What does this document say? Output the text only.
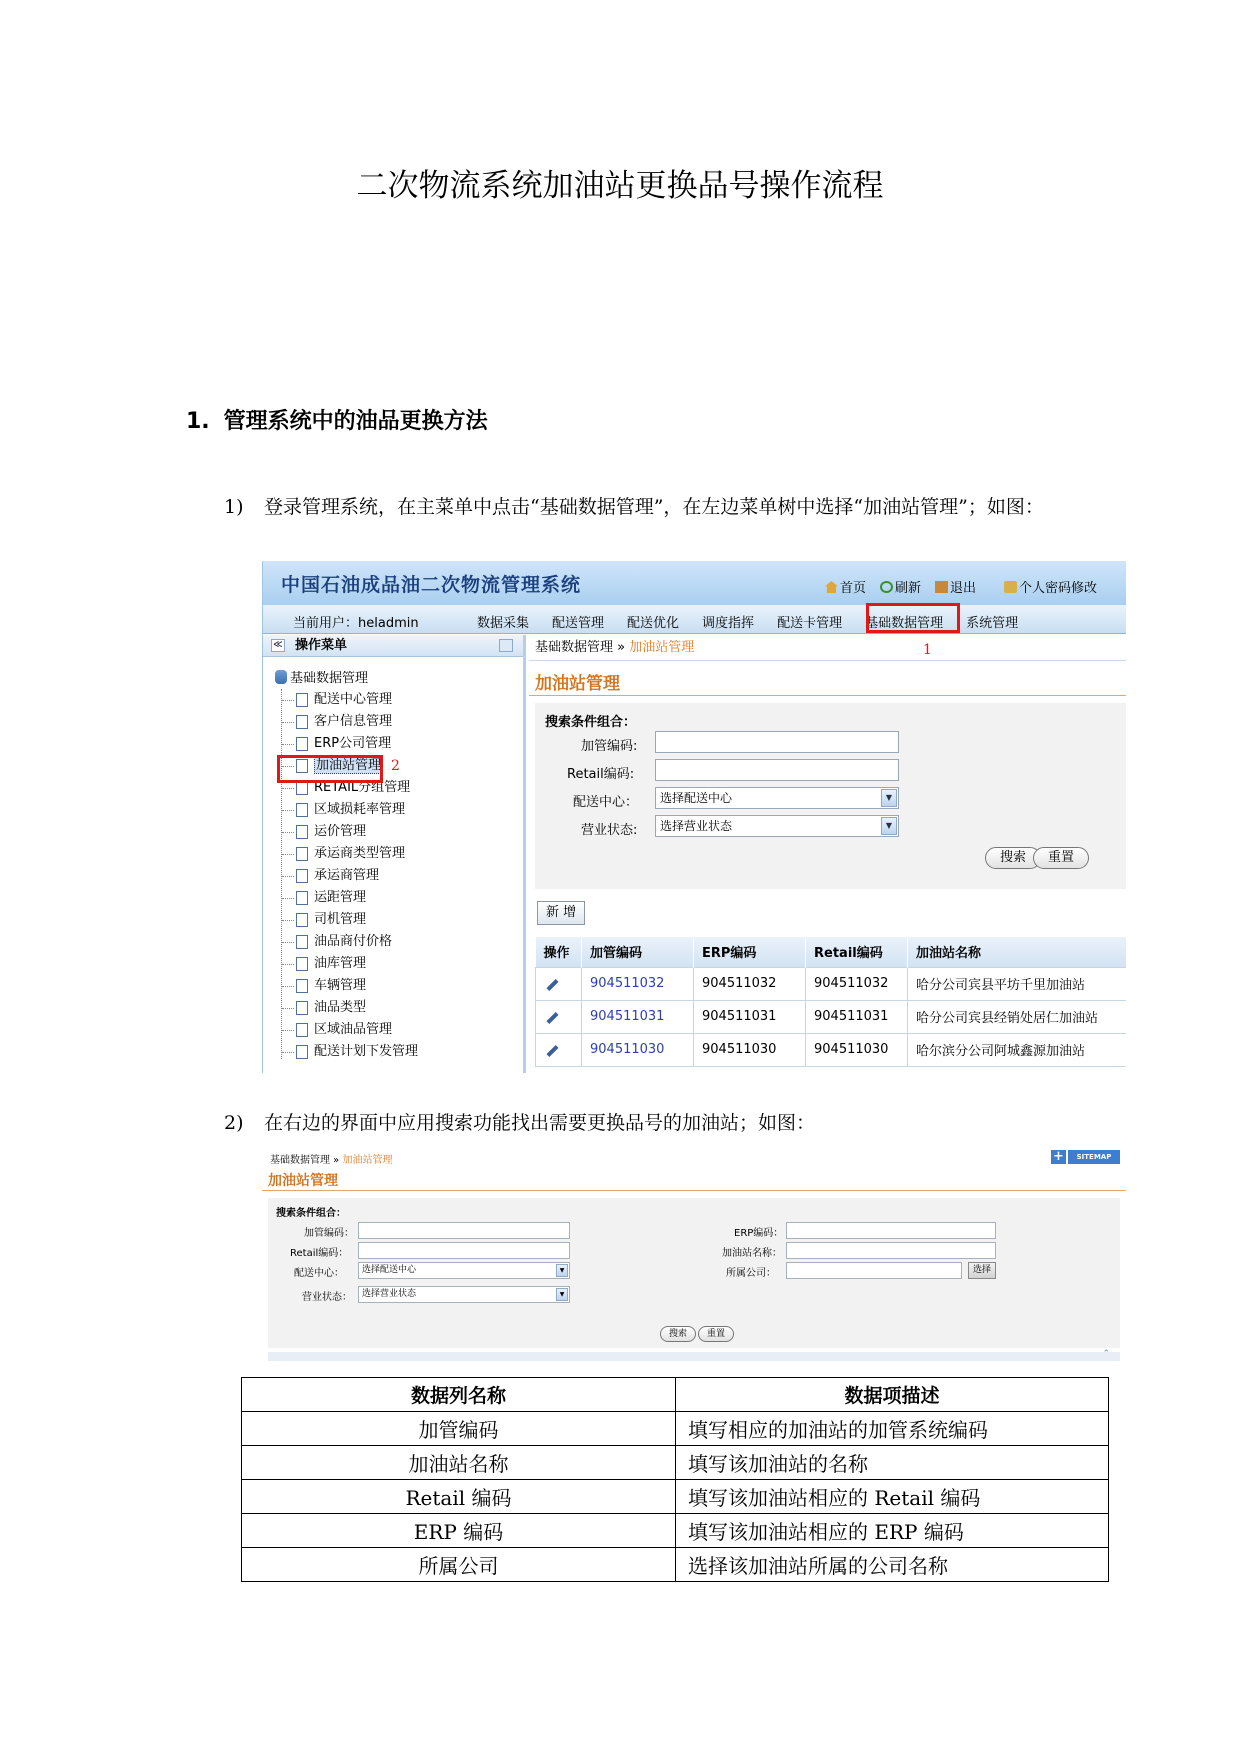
二次物流系统加油站更换品号操作流程
1. 管理系统中的油品更换方法
1) 登录管理系统，在主菜单中点击“基础数据管理”，在左边菜单树中选择“加油站管理”；如图：
中国石油成品油二次物流管理系统	首页	刷新	退出	个人密码修改
当前用户：heladmin	数据采集 配送管理 配送优化 调度指挥 配送卡管理 基础数据管理 系统管理
1
≪ 操作菜单
基础数据管理
配送中心管理
客户信息管理
ERP公司管理
加油站管理
RETAIL分组管理
区域损耗率管理
运价管理
承运商类型管理
承运商管理
运距管理
司机管理
油品商付价格
油库管理
车辆管理
油品类型
区域油品管理
配送计划下发管理
2
基础数据管理 » 加油站管理
加油站管理
搜索条件组合：
加管编码:
Retail编码:
配送中心：	选择配送中心	▼
营业状态:	选择营业状态	▼
搜索	重置
新 增
操作	加管编码	ERP编码	Retail编码	加油站名称
	904511032	904511032	904511032	哈分公司宾县平坊千里加油站
	904511031	904511031	904511031	哈分公司宾县经销处居仁加油站
	904511030	904511030	904511030	哈尔滨分公司阿城鑫源加油站
2) 在右边的界面中应用搜索功能找出需要更换品号的加油站；如图：
基础数据管理 » 加油站管理	+	SITEMAP
加油站管理
搜索条件组合：
加管编码：
Retail编码：
配送中心：	选择配送中心	▼
营业状态：	选择营业状态	▼
ERP编码：
加油站名称：
所属公司：	选择
搜索	重置
⌃
数据列名称	数据项描述
加管编码	填写相应的加油站的加管系统编码
加油站名称	填写该加油站的名称
Retail 编码	填写该加油站相应的 Retail 编码
ERP 编码	填写该加油站相应的 ERP 编码
所属公司	选择该加油站所属的公司名称
